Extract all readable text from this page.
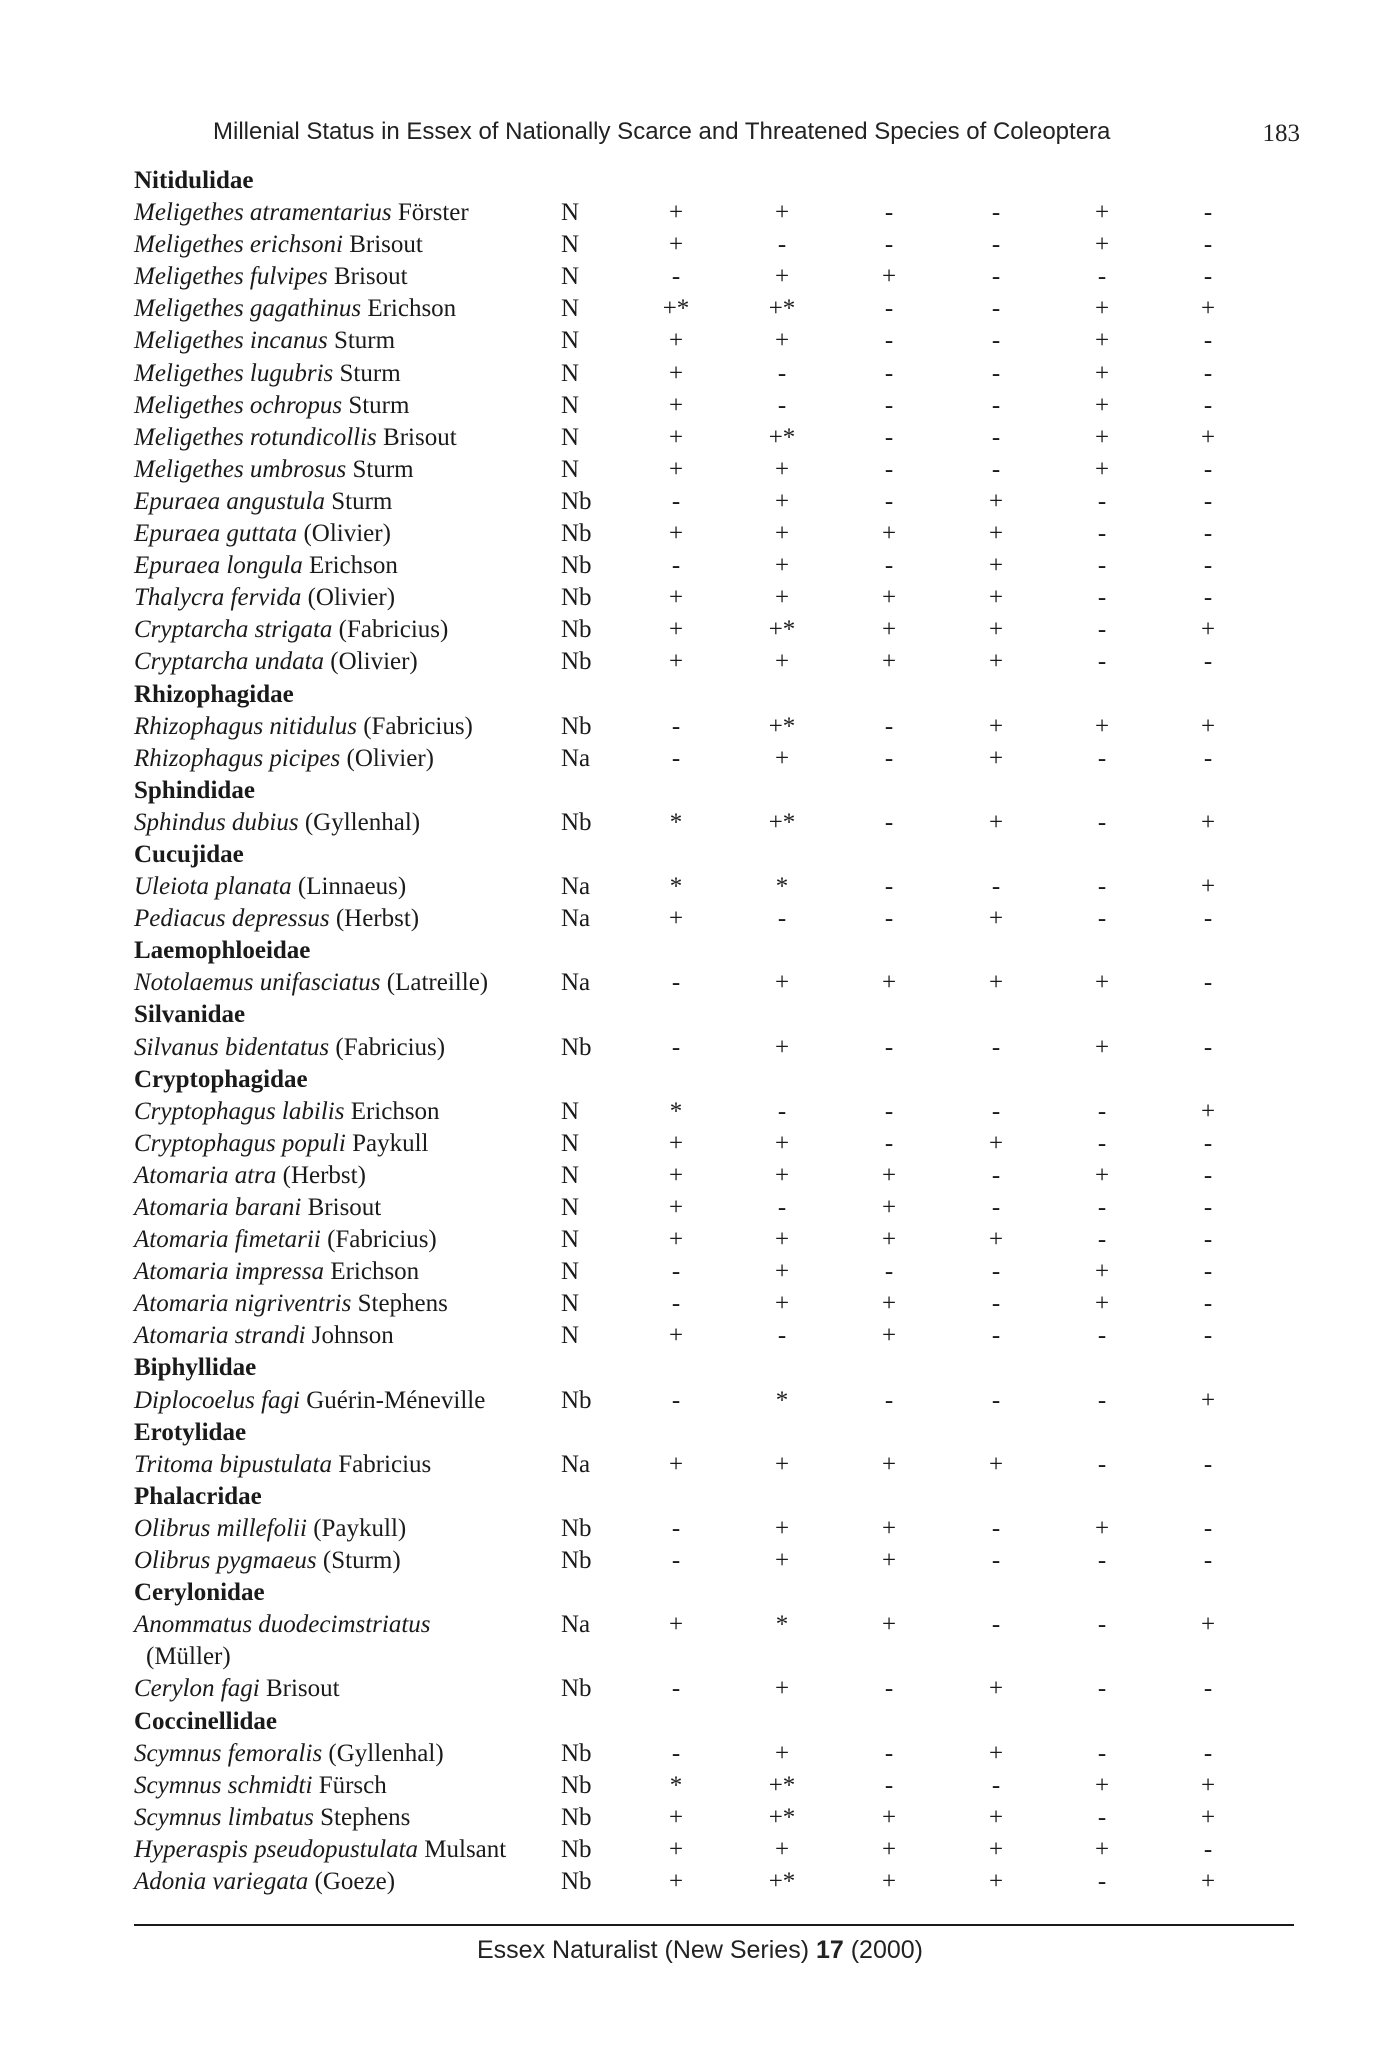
Millenial Status in Essex of Nationally Scarce and Threatened Species of Coleoptera	183
Nitidulidae
Meligethes atramentarius Förster	N	+	+	-	-	+	-
Meligethes erichsoni Brisout	N	+	-	-	-	+	-
Meligethes fulvipes Brisout	N	-	+	+	-	-	-
Meligethes gagathinus Erichson	N	+*	+*	-	-	+	+
Meligethes incanus Sturm	N	+	+	-	-	+	-
Meligethes lugubris Sturm	N	+	-	-	-	+	-
Meligethes ochropus Sturm	N	+	-	-	-	+	-
Meligethes rotundicollis Brisout	N	+	+*	-	-	+	+
Meligethes umbrosus Sturm	N	+	+	-	-	+	-
Epuraea angustula Sturm	Nb	-	+	-	+	-	-
Epuraea guttata (Olivier)	Nb	+	+	+	+	-	-
Epuraea longula Erichson	Nb	-	+	-	+	-	-
Thalycra fervida (Olivier)	Nb	+	+	+	+	-	-
Cryptarcha strigata (Fabricius)	Nb	+	+*	+	+	-	+
Cryptarcha undata (Olivier)	Nb	+	+	+	+	-	-
Rhizophagidae
Rhizophagus nitidulus (Fabricius)	Nb	-	+*	-	+	+	+
Rhizophagus picipes (Olivier)	Na	-	+	-	+	-	-
Sphindidae
Sphindus dubius (Gyllenhal)	Nb	*	+*	-	+	-	+
Cucujidae
Uleiota planata (Linnaeus)	Na	*	*	-	-	-	+
Pediacus depressus (Herbst)	Na	+	-	-	+	-	-
Laemophloeidae
Notolaemus unifasciatus (Latreille)	Na	-	+	+	+	+	-
Silvanidae
Silvanus bidentatus (Fabricius)	Nb	-	+	-	-	+	-
Cryptophagidae
Cryptophagus labilis Erichson	N	*	-	-	-	-	+
Cryptophagus populi Paykull	N	+	+	-	+	-	-
Atomaria atra (Herbst)	N	+	+	+	-	+	-
Atomaria barani Brisout	N	+	-	+	-	-	-
Atomaria fimetarii (Fabricius)	N	+	+	+	+	-	-
Atomaria impressa Erichson	N	-	+	-	-	+	-
Atomaria nigriventris Stephens	N	-	+	+	-	+	-
Atomaria strandi Johnson	N	+	-	+	-	-	-
Biphyllidae
Diplocoelus fagi Guérin-Méneville	Nb	-	*	-	-	-	+
Erotylidae
Tritoma bipustulata Fabricius	Na	+	+	+	+	-	-
Phalacridae
Olibrus millefolii (Paykull)	Nb	-	+	+	-	+	-
Olibrus pygmaeus (Sturm)	Nb	-	+	+	-	-	-
Cerylonidae
Anommatus duodecimstriatus	Na	+	*	+	-	-	+
(Müller)
Cerylon fagi Brisout	Nb	-	+	-	+	-	-
Coccinellidae
Scymnus femoralis (Gyllenhal)	Nb	-	+	-	+	-	-
Scymnus schmidti Fürsch	Nb	*	+*	-	-	+	+
Scymnus limbatus Stephens	Nb	+	+*	+	+	-	+
Hyperaspis pseudopustulata Mulsant Nb	+	+	+	+	+	-
Adonia variegata (Goeze)	Nb	+	+*	+	+	-	+
Essex Naturalist (New Series) 17 (2000)
